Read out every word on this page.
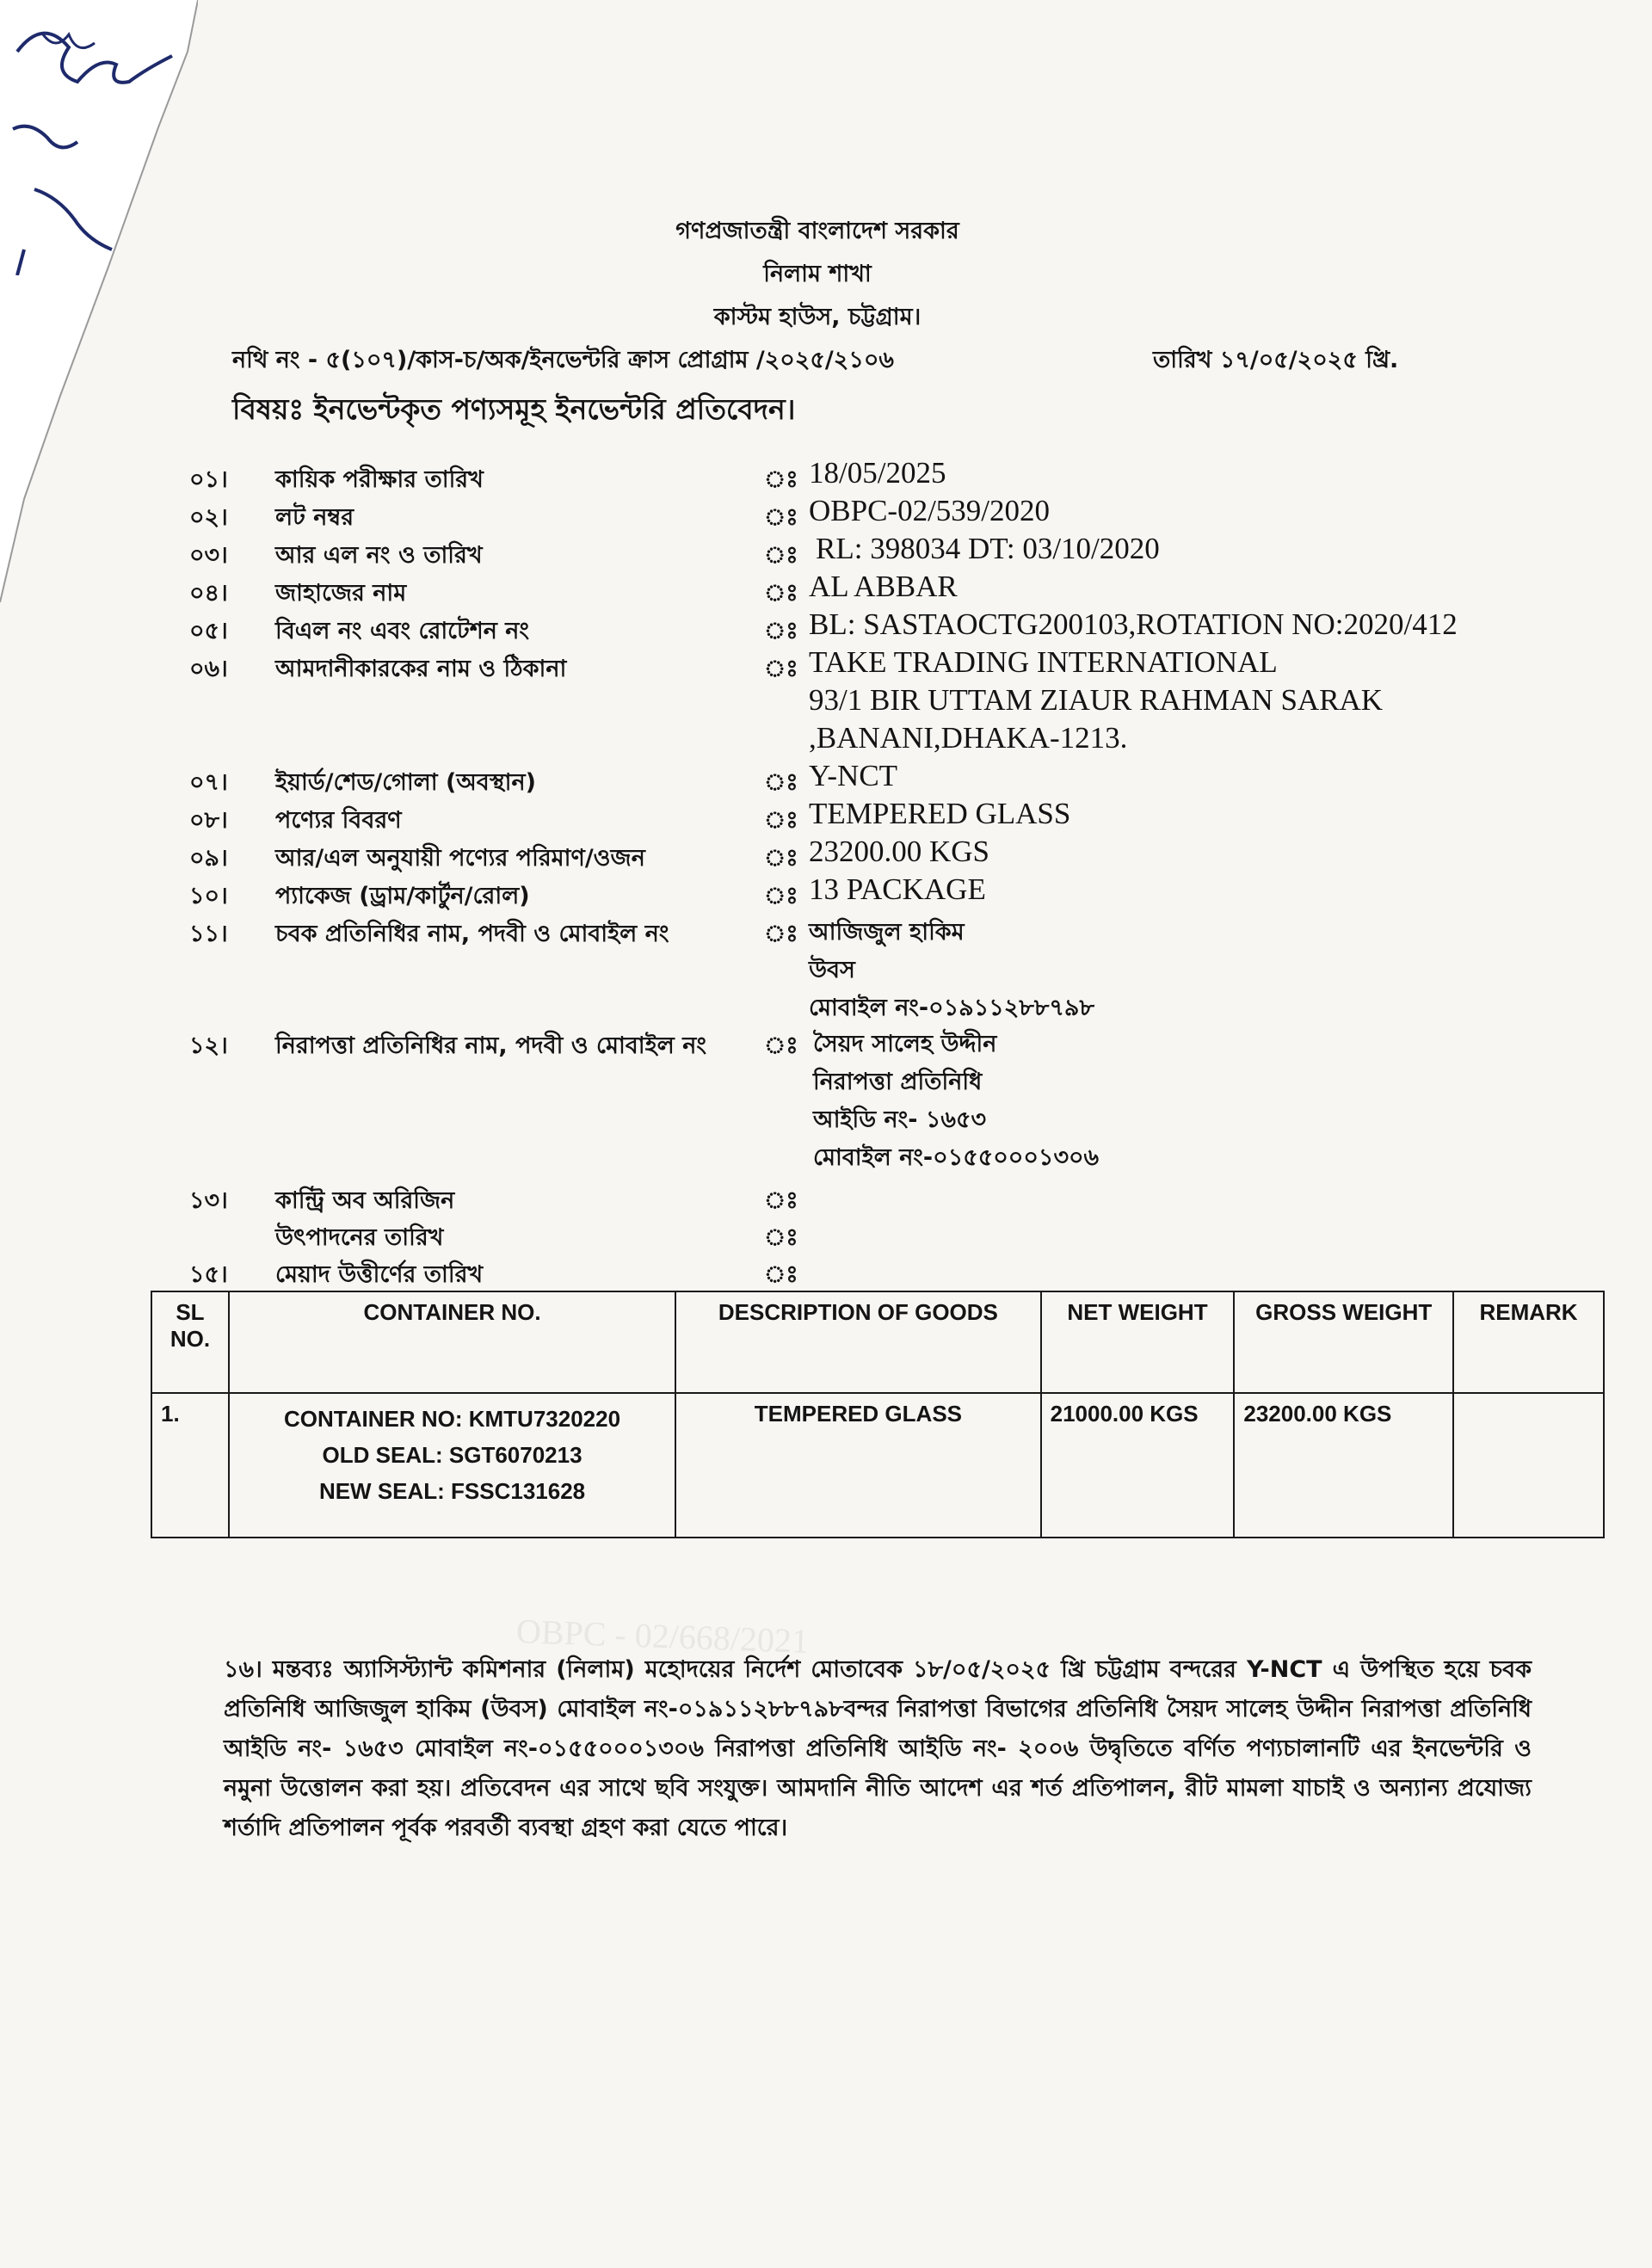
গণপ্রজাতন্ত্রী বাংলাদেশ সরকার
নিলাম শাখা
কাস্টম হাউস, চট্টগ্রাম।
নথি নং - ৫(১০৭)/কাস-চ/অক/ইনভেন্টরি ক্রাস প্রোগ্রাম /২০২৫/২১০৬	তারিখ ১৭/০৫/২০২৫ খ্রি.
বিষয়ঃ ইনভেন্টকৃত পণ্যসমূহ ইনভেন্টরি প্রতিবেদন।
OBPC - 02/668/2021
০১।	কায়িক পরীক্ষার তারিখ	ঃ 18/05/2025
০২।	লট নম্বর	ঃ OBPC-02/539/2020
০৩।	আর এল নং ও তারিখ	ঃ RL: 398034 DT: 03/10/2020
০৪।	জাহাজের নাম	ঃ AL ABBAR
০৫।	বিএল নং এবং রোটেশন নং	ঃ BL: SASTAOCTG200103,ROTATION NO:2020/412
০৬।	আমদানীকারকের নাম ও ঠিকানা	ঃ TAKE TRADING INTERNATIONAL
93/1 BIR UTTAM ZIAUR RAHMAN SARAK
,BANANI,DHAKA-1213.
০৭।	ইয়ার্ড/শেড/গোলা (অবস্থান)	ঃ Y-NCT
০৮।	পণ্যের বিবরণ	ঃ TEMPERED GLASS
০৯।	আর/এল অনুযায়ী পণ্যের পরিমাণ/ওজন	ঃ 23200.00 KGS
১০।	প্যাকেজ (ড্রাম/কার্টুন/রোল)	ঃ 13 PACKAGE
১১।	চবক প্রতিনিধির নাম, পদবী ও মোবাইল নং	ঃ আজিজুল হাকিম
উবস
মোবাইল নং-০১৯১১২৮৮৭৯৮
১২।	নিরাপত্তা প্রতিনিধির নাম, পদবী ও মোবাইল নং ঃ সৈয়দ সালেহ উদ্দীন
নিরাপত্তা প্রতিনিধি
আইডি নং- ১৬৫৩
মোবাইল নং-০১৫৫০০০১৩০৬
১৩।	কান্ট্রি অব অরিজিন	ঃ
উৎপাদনের তারিখ	ঃ
১৫।	মেয়াদ উত্তীর্ণের তারিখ	ঃ
SL NO.	CONTAINER NO.	DESCRIPTION OF GOODS	NET WEIGHT	GROSS WEIGHT	REMARK
1.	CONTAINER NO: KMTU7320220
OLD SEAL: SGT6070213
NEW SEAL: FSSC131628	TEMPERED GLASS	21000.00 KGS	23200.00 KGS	
১৬। মন্তব্যঃ অ্যাসিস্ট্যান্ট কমিশনার (নিলাম) মহোদয়ের নির্দেশ মোতাবেক ১৮/০৫/২০২৫ খ্রি চট্টগ্রাম বন্দরের Y-NCT এ উপস্থিত হয়ে চবক প্রতিনিধি আজিজুল হাকিম (উবস) মোবাইল নং-০১৯১১২৮৮৭৯৮বন্দর নিরাপত্তা বিভাগের প্রতিনিধি সৈয়দ সালেহ উদ্দীন নিরাপত্তা প্রতিনিধি আইডি নং- ১৬৫৩ মোবাইল নং-০১৫৫০০০১৩০৬ নিরাপত্তা প্রতিনিধি আইডি নং- ২০০৬ উদ্বৃতিতে বর্ণিত পণ্যচালানটি এর ইনভেন্টরি ও নমুনা উত্তোলন করা হয়। প্রতিবেদন এর সাথে ছবি সংযুক্ত। আমদানি নীতি আদেশ এর শর্ত প্রতিপালন, রীট মামলা যাচাই ও অন্যান্য প্রযোজ্য শর্তাদি প্রতিপালন পূর্বক পরবর্তী ব্যবস্থা গ্রহণ করা যেতে পারে।
